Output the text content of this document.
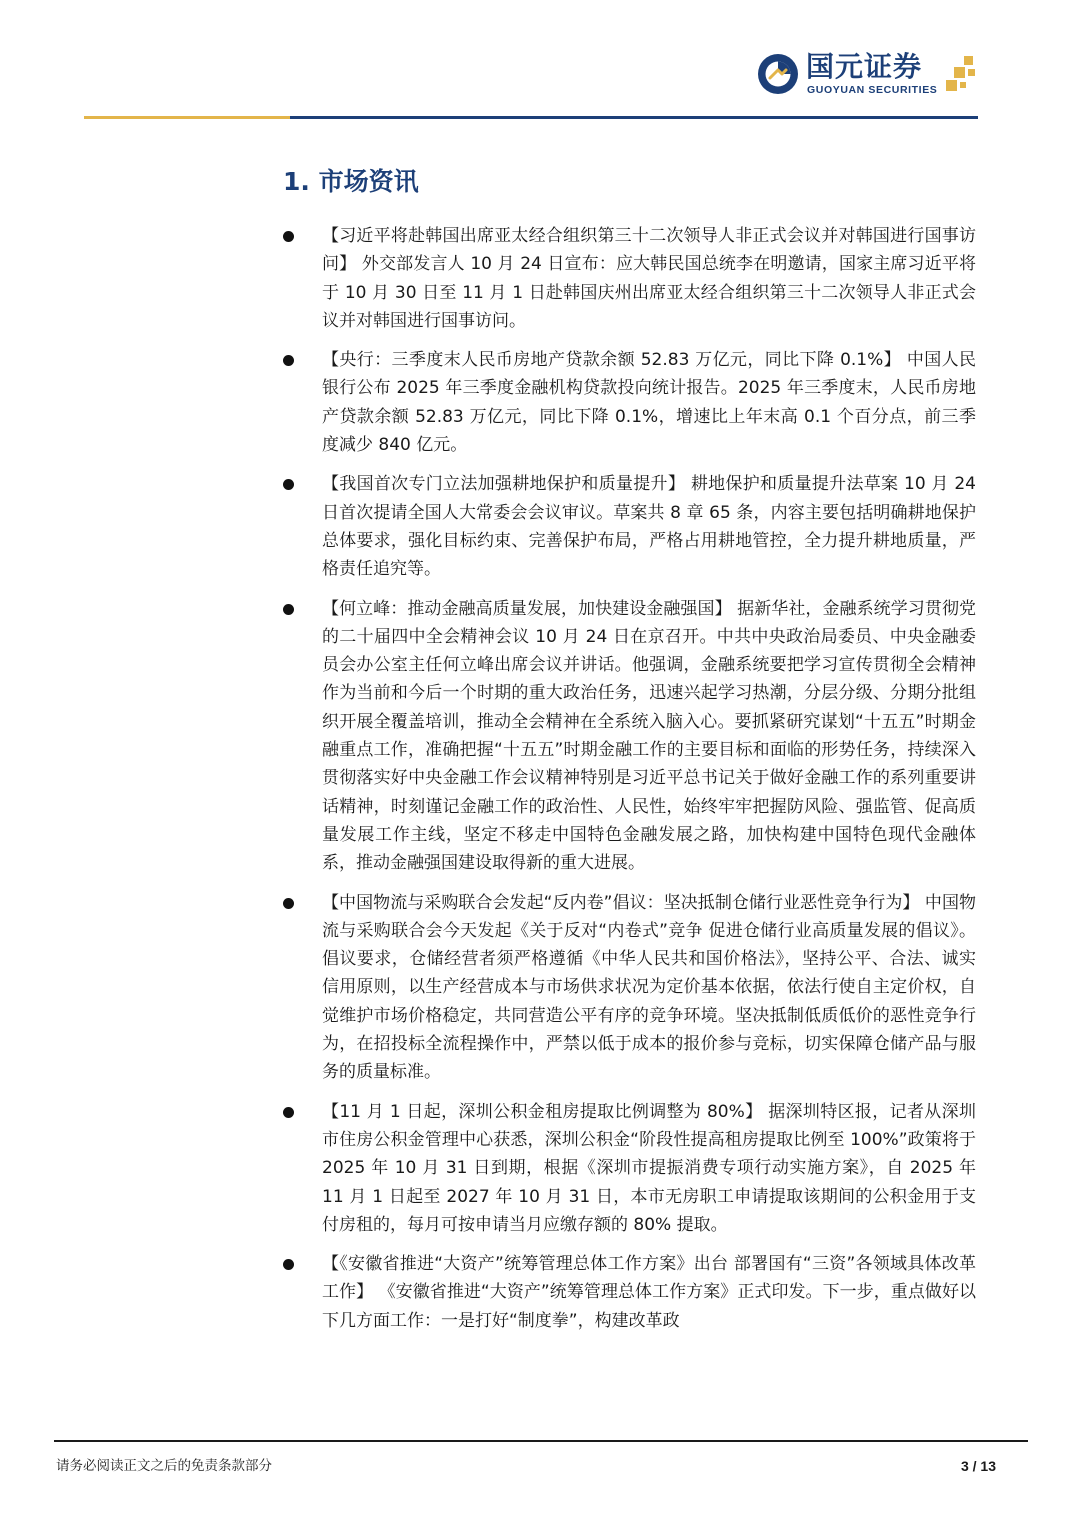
国元证券
GUOYUAN SECURITIES
1. 市场资讯
【习近平将赴韩国出席亚太经合组织第三十二次领导人非正式会议并对韩国进行国事访问】 外交部发言人 10 月 24 日宣布：应大韩民国总统李在明邀请，国家主席习近平将于 10 月 30 日至 11 月 1 日赴韩国庆州出席亚太经合组织第三十二次领导人非正式会议并对韩国进行国事访问。
【央行：三季度末人民币房地产贷款余额 52.83 万亿元，同比下降 0.1%】 中国人民银行公布 2025 年三季度金融机构贷款投向统计报告。2025 年三季度末，人民币房地产贷款余额 52.83 万亿元，同比下降 0.1%，增速比上年末高 0.1 个百分点，前三季度减少 840 亿元。
【我国首次专门立法加强耕地保护和质量提升】 耕地保护和质量提升法草案 10 月 24 日首次提请全国人大常委会会议审议。草案共 8 章 65 条，内容主要包括明确耕地保护总体要求，强化目标约束、完善保护布局，严格占用耕地管控，全力提升耕地质量，严格责任追究等。
【何立峰：推动金融高质量发展，加快建设金融强国】 据新华社，金融系统学习贯彻党的二十届四中全会精神会议 10 月 24 日在京召开。中共中央政治局委员、中央金融委员会办公室主任何立峰出席会议并讲话。他强调，金融系统要把学习宣传贯彻全会精神作为当前和今后一个时期的重大政治任务，迅速兴起学习热潮，分层分级、分期分批组织开展全覆盖培训，推动全会精神在全系统入脑入心。要抓紧研究谋划“十五五”时期金融重点工作，准确把握“十五五”时期金融工作的主要目标和面临的形势任务，持续深入贯彻落实好中央金融工作会议精神特别是习近平总书记关于做好金融工作的系列重要讲话精神，时刻谨记金融工作的政治性、人民性，始终牢牢把握防风险、强监管、促高质量发展工作主线，坚定不移走中国特色金融发展之路，加快构建中国特色现代金融体系，推动金融强国建设取得新的重大进展。
【中国物流与采购联合会发起“反内卷”倡议：坚决抵制仓储行业恶性竞争行为】 中国物流与采购联合会今天发起《关于反对“内卷式”竞争 促进仓储行业高质量发展的倡议》。倡议要求，仓储经营者须严格遵循《中华人民共和国价格法》，坚持公平、合法、诚实信用原则，以生产经营成本与市场供求状况为定价基本依据，依法行使自主定价权，自觉维护市场价格稳定，共同营造公平有序的竞争环境。坚决抵制低质低价的恶性竞争行为，在招投标全流程操作中，严禁以低于成本的报价参与竞标，切实保障仓储产品与服务的质量标准。
【11 月 1 日起，深圳公积金租房提取比例调整为 80%】 据深圳特区报，记者从深圳市住房公积金管理中心获悉，深圳公积金“阶段性提高租房提取比例至 100%”政策将于 2025 年 10 月 31 日到期，根据《深圳市提振消费专项行动实施方案》，自 2025 年 11 月 1 日起至 2027 年 10 月 31 日，本市无房职工申请提取该期间的公积金用于支付房租的，每月可按申请当月应缴存额的 80% 提取。
【《安徽省推进“大资产”统筹管理总体工作方案》出台 部署国有“三资”各领域具体改革工作】 《安徽省推进“大资产”统筹管理总体工作方案》正式印发。下一步，重点做好以下几方面工作：一是打好“制度拳”，构建改革政
请务必阅读正文之后的免责条款部分	3 / 13
